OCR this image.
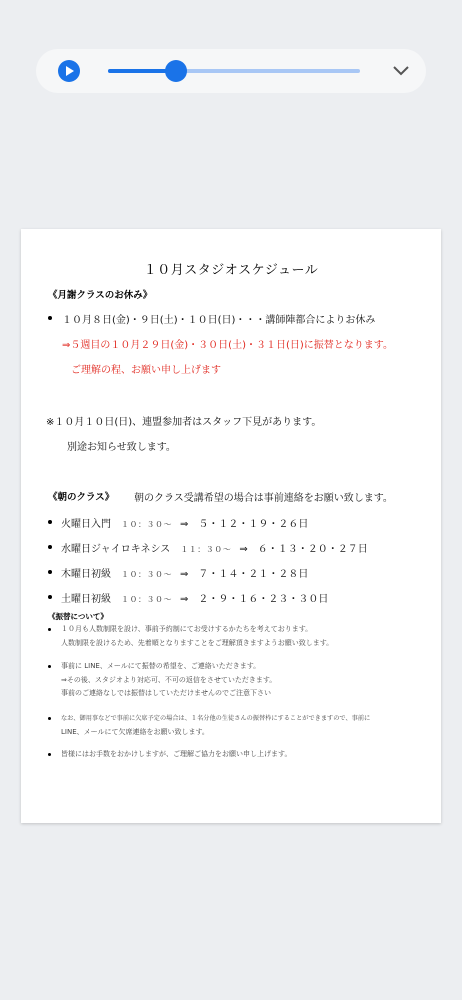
１０月スタジオスケジュール

《月謝クラスのお休み》

１０月８日(金)・９日(土)・１０日(日)・・・講師陣都合によりお休み

⇒５週目の１０月２９日(金)・３０日(土)・３１日(日)に振替となります。

ご理解の程、お願い申し上げます

※１０月１０日(日)、連盟参加者はスタッフ下見があります。

別途お知らせ致します。

《朝のクラス》 朝のクラス受講希望の場合は事前連絡をお願い致します。

火曜日入門 １０：３０～ ⇒　５・１２・１９・２６日

水曜日ジャイロキネシス １１：３０～ ⇒　６・１３・２０・２７日

木曜日初級 １０：３０～ ⇒　７・１４・２１・２８日

土曜日初級 １０：３０～ ⇒　２・９・１６・２３・３０日

《振替について》

１０月も人数制限を設け、事前予約制にてお受けするかたちを考えております。

人数制限を設けるため、先着順となりますことをご理解頂きますようお願い致します。

事前に LINE、メールにて振替の希望を、ご連絡いただきます。

⇒その後、スタジオより対応可、不可の返信をさせていただきます。

事前のご連絡なしでは振替はしていただけませんのでご注意下さい

なお、御用事などで事前に欠席予定の場合は、１名分他の生徒さんの振替枠にすることができますので、事前に

LINE、メールにて欠席連絡をお願い致します。

皆様にはお手数をおかけしますが、ご理解ご協力をお願い申し上げます。
